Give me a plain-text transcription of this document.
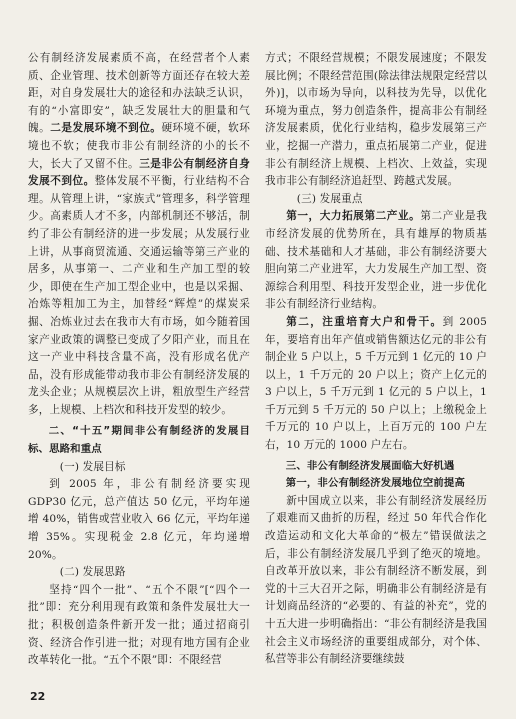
公有制经济发展素质不高，在经营者个人素质、企业管理、技术创新等方面还存在较大差距，对自身发展壮大的途径和办法缺乏认识，有的“小富即安”，缺乏发展壮大的胆量和气魄。二是发展环境不到位。硬环境不硬，软环境也不软；使我市非公有制经济的小的长不大，长大了又留不住。三是非公有制经济自身发展不到位。整体发展不平衡，行业结构不合理。从管理上讲，“家族式”管理多，科学管理少。高素质人才不多，内部机制还不够活，制约了非公有制经济的进一步发展；从发展行业上讲，从事商贸流通、交通运输等第三产业的居多，从事第一、二产业和生产加工型的较少，即使在生产加工型企业中，也是以采掘、冶炼等粗加工为主，加替经“辉煌”的煤炭采掘、冶炼业过去在我市大有市场，如今随着国家产业政策的调整已变成了夕阳产业，而且在这一产业中科技含量不高，没有形成名优产品，没有形成能带动我市非公有制经济发展的龙头企业；从规模层次上讲，粗放型生产经营多，上规模、上档次和科技开发型的较少。

二、“十五”期间非公有制经济的发展目标、思路和重点

(一) 发展目标

到 2005 年，非公有制经济要实现 GDP30 亿元，总产值达 50 亿元，平均年递增 40%，销售或营业收入 66 亿元，平均年递增 35%。实现税金 2.8 亿元，年均递增 20%。

(二) 发展思路

坚持“四个一批”、“五个不限”[“四个一批”即：充分利用现有政策和条件发展壮大一批；积极创造条件新开发一批；通过招商引资、经济合作引进一批；对现有地方国有企业改革转化一批。“五个不限”即：不限经营

方式；不限经营规模；不限发展速度；不限发展比例；不限经营范围(除法律法规限定经营以外)]，以市场为导向，以科技为先导，以优化环境为重点，努力创造条件，提高非公有制经济发展素质，优化行业结构，稳步发展第三产业，挖掘一产潜力，重点拓展第二产业，促进非公有制经济上规模、上档次、上效益，实现我市非公有制经济追赶型、跨越式发展。

(三) 发展重点

第一，大力拓展第二产业。第二产业是我市经济发展的优势所在，具有雄厚的物质基础、技术基础和人才基础，非公有制经济要大胆向第二产业进军，大力发展生产加工型、资源综合利用型、科技开发型企业，进一步优化非公有制经济行业结构。

第二，注重培育大户和骨干。到 2005 年，要培育出年产值或销售额达亿元的非公有制企业 5 户以上，5 千万元到 1 亿元的 10 户以上，1 千万元的 20 户以上；资产上亿元的 3 户以上，5 千万元到 1 亿元的 5 户以上，1 千万元到 5 千万元的 50 户以上；上缴税金上千万元的 10 户以上，上百万元的 100 户左右，10 万元的 1000 户左右。

三、非公有制经济发展面临大好机遇

第一，非公有制经济发展地位空前提高

新中国成立以来，非公有制经济发展经历了艰难而又曲折的历程，经过 50 年代合作化改造运动和文化大革命的“极左”错误做法之后，非公有制经济发展几乎到了绝灭的境地。自改革开放以来，非公有制经济不断发展，到党的十三大召开之际，明确非公有制经济是有计划商品经济的“必要的、有益的补充”，党的十五大进一步明确指出：“非公有制经济是我国社会主义市场经济的重要组成部分，对个体、私营等非公有制经济要继续鼓

22
